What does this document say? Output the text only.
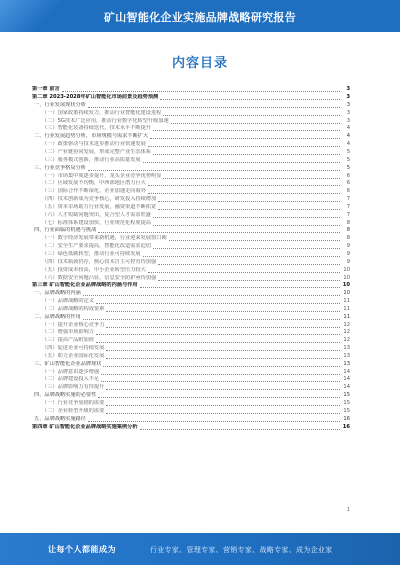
矿山智能化企业实施品牌战略研究报告
内容目录
第一章 前言	3
第二章 2023-2028年矿山智能化市场前景及趋势预测	3
一、行业发展现状分析	3
（一）国家政策持续发力，推动行业智能化建设进程	3
（二）5G技术广泛应用，推动行业数字化转型升级加速	3
（三）智能化装备持续迭代，技术水平不断提升	4
二、行业发展趋势分析，市场规模与需求不断扩大	4
（一）政策驱动与技术进步推动行业快速发展	4
（二）产业链协同发展，形成完整产业生态体系	5
（三）服务模式创新，推动行业高质量发展	5
三、行业竞争格局分析	5
（一）市场集中度逐步提升，龙头企业竞争优势明显	6
（二）区域发展不均衡，中西部地区潜力巨大	6
（三）国际合作不断深化，企业加速走向海外	6
（四）技术创新成为竞争核心，研发投入持续增加	7
（五）资本市场助力行业发展，融资渠道不断拓宽	7
（六）人才短缺问题突出，复合型人才需求旺盛	7
（七）标准体系建设加快，行业规范化程度提高	8
四、行业面临的机遇与挑战	8
（一）数字经济发展带来新机遇，行业迎来发展窗口期	8
（二）安全生产要求提高，智能化改造需求迫切	9
（三）绿色低碳转型，推动行业可持续发展	9
（四）技术瓶颈仍存，核心技术自主可控有待加强	9
（五）投资成本较高，中小企业转型压力较大	10
（六）数据安全问题凸显，信息安全防护亟待加强	10
第三章 矿山智能化企业品牌战略的内涵与作用	10
一、品牌战略的内涵	10
（一）品牌战略的定义	11
（二）品牌战略的构成要素	11
二、品牌战略的作用	11
（一）提升企业核心竞争力	12
（二）增强市场影响力	12
（三）提高产品附加值	12
（四）促进企业可持续发展	13
（五）助力企业国际化发展	13
三、矿山智能化企业品牌现状	13
（一）品牌意识逐步增强	14
（二）品牌建设投入不足	14
（三）品牌影响力有待提升	14
四、品牌战略实施的必要性	15
（一）行业竞争加剧的需要	15
（二）企业转型升级的需要	15
五、品牌战略实施路径	16
第四章 矿山智能化企业品牌战略实施案例分析	16
1
让每个人都能成为	行业专家、管理专家、营销专家、战略专家、成为企业家
